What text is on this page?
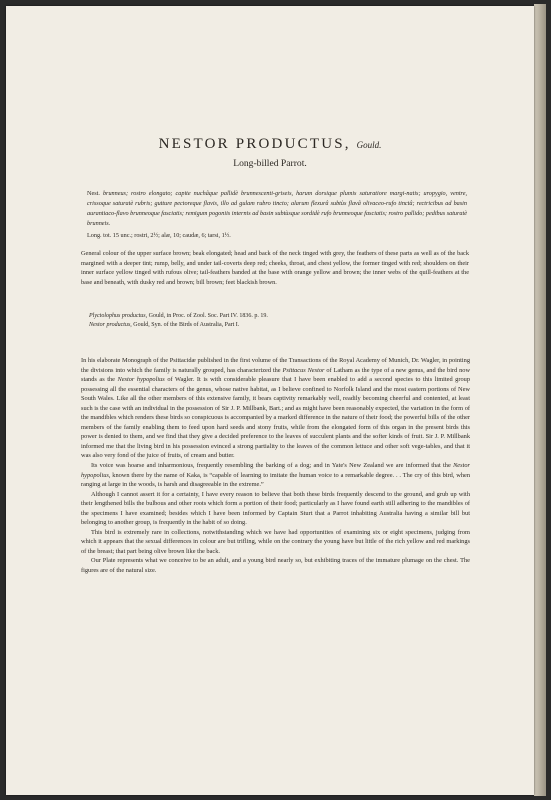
NESTOR PRODUCTUS, Gould.
Long-billed Parrot.
Nest. brunneus; rostro elongato; capite nuchâque pallidè brunnescenti-griseis, harum dorsique plumis saturatiore margi-natis; uropygio, ventre, crissoque saturatè rubris; gutture pectoreque flavis, illo ad gulam rubro tincto; alarum flexurâ subtùs flavâ olivaceo-rufo tinctâ; rectricibus ad basin aurantiaco-flavo brunneoque fasciatis; remigum pogoniis internis ad basin subtùsque sordidè rufo brunneoque fasciatis; rostro pallido; pedibus saturatè brunneis.
Long. tot. 15 unc.; rostri, 2½; alæ, 10; caudæ, 6; tarsi, 1½.
General colour of the upper surface brown; beak elongated; head and back of the neck tinged with grey, the feathers of these parts as well as of the back margined with a deeper tint; rump, belly, and under tail-coverts deep red; cheeks, throat, and chest yellow, the former tinged with red; shoulders on their inner surface yellow tinged with rufous olive; tail-feathers banded at the base with orange yellow and brown; the inner webs of the quill-feathers at the base and beneath, with dusky red and brown; bill brown; feet blackish brown.
Plyctolophus productus, Gould, in Proc. of Zool. Soc. Part IV. 1836. p. 19.
Nestor productus, Gould, Syn. of the Birds of Australia, Part I.

In his elaborate Monograph of the Psittacidæ published in the first volume of the Transactions of the Royal Academy of Munich, Dr. Wagler, in pointing the divisions into which the family is naturally grouped, has characterized the Psittacus Nestor of Latham as the type of a new genus, and the bird now stands as the Nestor hypopolius of Wagler. It is with considerable pleasure that I have been enabled to add a second species to this limited group possessing all the essential characters of the genus, whose native habitat, as I believe confined to Norfolk Island and the most eastern portions of New South Wales. Like all the other members of this extensive family, it bears captivity remarkably well, readily becoming cheerful and contented, at least such is the case with an individual in the possession of Sir J. P. Millbank, Bart.; and as might have been reasonably expected, the variation in the form of the mandibles which renders these birds so conspicuous is accompanied by a marked difference in the nature of their food; the powerful bills of the other members of the family enabling them to feed upon hard seeds and stony fruits, while from the elongated form of this organ in the present birds this power is denied to them, and we find that they give a decided preference to the leaves of succulent plants and the softer kinds of fruit. Sir J. P. Millbank informed me that the living bird in his possession evinced a strong partiality to the leaves of the common lettuce and other soft vege-tables, and that it was also very fond of the juice of fruits, of cream and butter.

Its voice was hoarse and inharmonious, frequently resembling the barking of a dog; and in Yate's New Zealand we are informed that the Nestor hypopolius, known there by the name of Kaka, is “capable of learning to imitate the human voice to a remarkable degree. . . The cry of this bird, when ranging at large in the woods, is harsh and disagreeable in the extreme.”

Although I cannot assert it for a certainty, I have every reason to believe that both these birds frequently descend to the ground, and grub up with their lengthened bills the bulbous and other roots which form a portion of their food; particularly as I have found earth still adhering to the mandibles of the specimens I have examined; besides which I have been informed by Captain Sturt that a Parrot inhabiting Australia having a similar bill but belonging to another group, is frequently in the habit of so doing.

This bird is extremely rare in collections, notwithstanding which we have had opportunities of examining six or eight specimens, judging from which it appears that the sexual differences in colour are but trifling, while on the contrary the young have but little of the rich yellow and red markings of the breast; that part being olive brown like the back.

Our Plate represents what we conceive to be an adult, and a young bird nearly so, but exhibiting traces of the immature plumage on the chest. The figures are of the natural size.
